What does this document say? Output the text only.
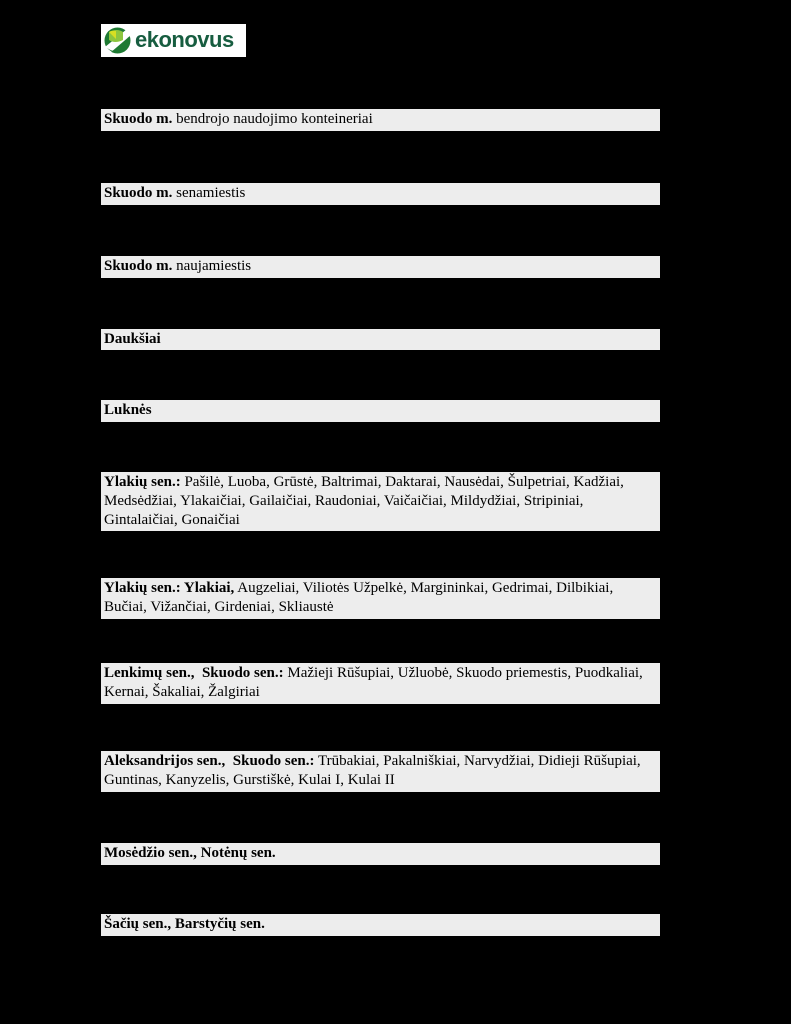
ekonovus
Skuodo m. bendrojo naudojimo konteineriai
Skuodo m. senamiestis
Skuodo m. naujamiestis
Daukšiai
Luknės
Ylakių sen.: Pašilė, Luoba, Grūstė, Baltrimai, Daktarai, Nausėdai, Šulpetriai, Kadžiai, Medsėdžiai, Ylakaičiai, Gailaičiai, Raudoniai, Vaičaičiai, Mildydžiai, Stripiniai, Gintalaičiai, Gonaičiai
Ylakių sen.: Ylakiai, Augzeliai, Viliotės Užpelkė, Margininkai, Gedrimai, Dilbikiai, Bučiai, Vižančiai, Girdeniai, Skliaustė
Lenkimų sen.,  Skuodo sen.: Mažieji Rūšupiai, Užluobė, Skuodo priemestis, Puodkaliai, Kernai, Šakaliai, Žalgiriai
Aleksandrijos sen.,  Skuodo sen.: Trūbakiai, Pakalniškiai, Narvydžiai, Didieji Rūšupiai, Guntinas, Kanyzelis, Gurstiškė, Kulai I, Kulai II
Mosėdžio sen., Notėnų sen.
Šačių sen., Barstyčių sen.
